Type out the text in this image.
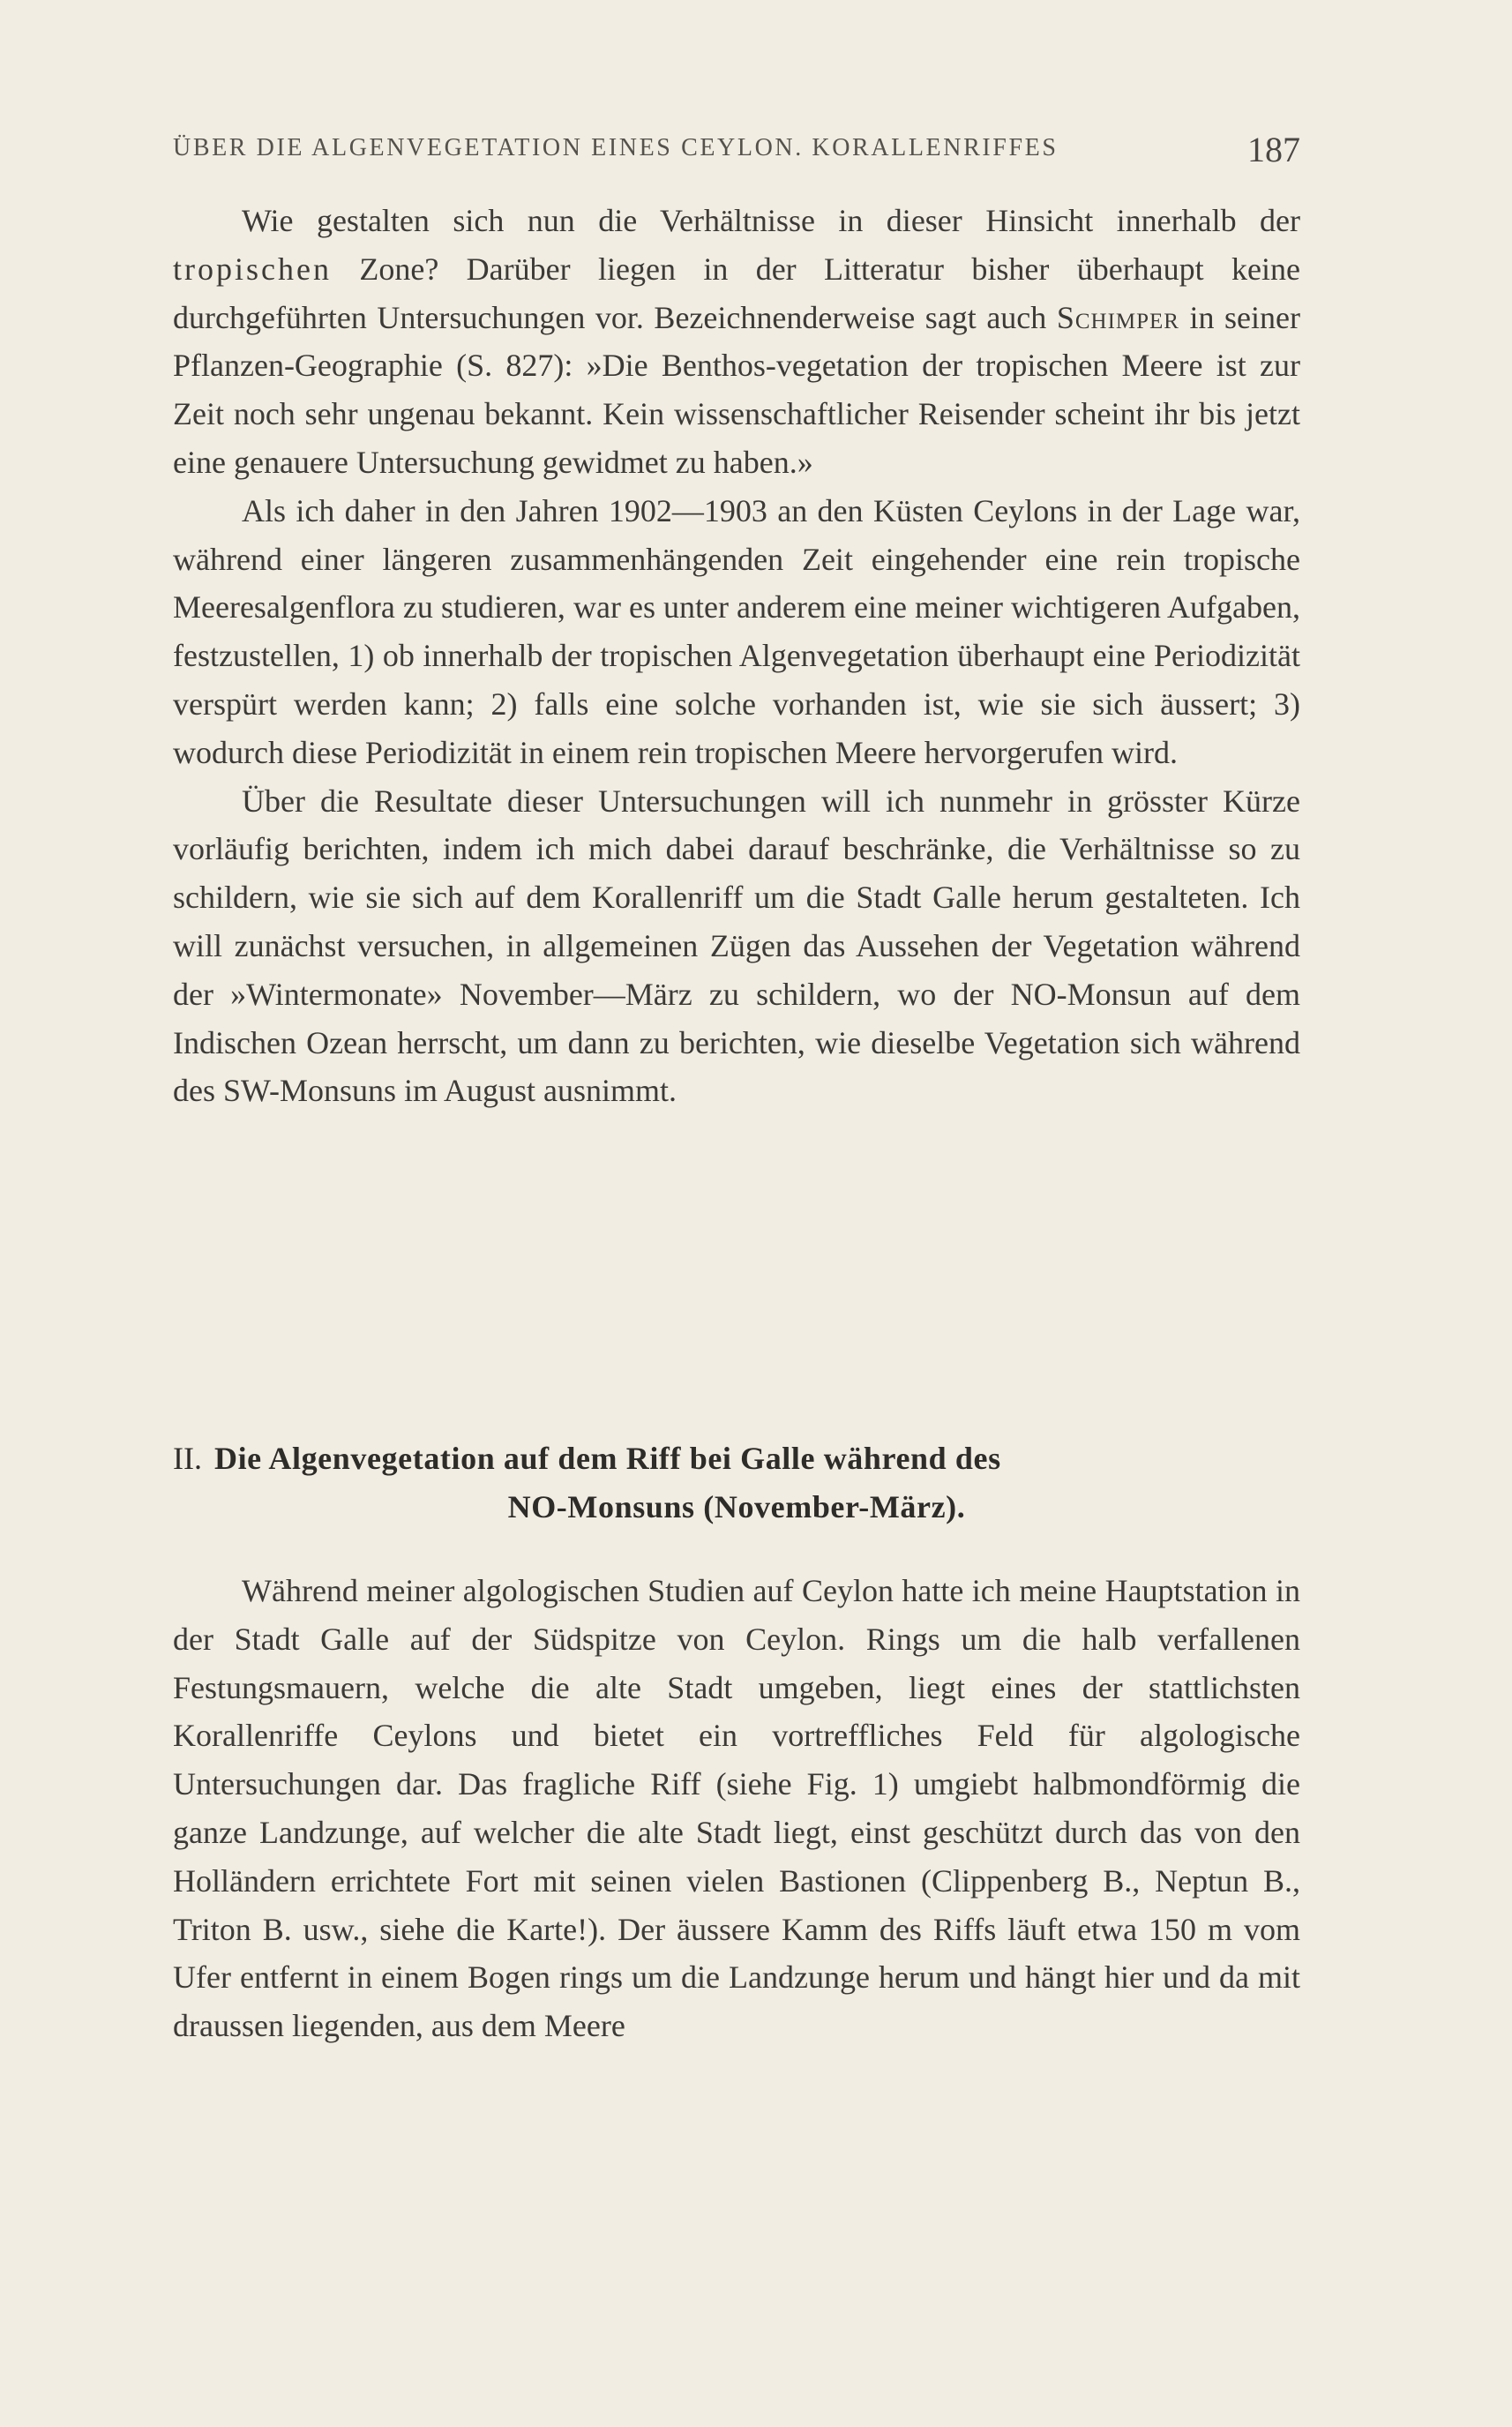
ÜBER DIE ALGENVEGETATION EINES CEYLON. KORALLENRIFFES	187

Wie gestalten sich nun die Verhältnisse in dieser Hinsicht innerhalb der tropischen Zone? Darüber liegen in der Litteratur bisher überhaupt keine durchgeführten Untersuchungen vor. Bezeichnenderweise sagt auch Schimper in seiner Pflanzen-Geographie (S. 827): »Die Benthos-vegetation der tropischen Meere ist zur Zeit noch sehr ungenau bekannt. Kein wissenschaftlicher Reisender scheint ihr bis jetzt eine genauere Untersuchung gewidmet zu haben.»

Als ich daher in den Jahren 1902—1903 an den Küsten Ceylons in der Lage war, während einer längeren zusammenhängenden Zeit eingehender eine rein tropische Meeresalgenflora zu studieren, war es unter anderem eine meiner wichtigeren Aufgaben, festzustellen, 1) ob innerhalb der tropischen Algenvegetation überhaupt eine Periodizität verspürt werden kann; 2) falls eine solche vorhanden ist, wie sie sich äussert; 3) wodurch diese Periodizität in einem rein tropischen Meere hervorgerufen wird.

Über die Resultate dieser Untersuchungen will ich nunmehr in grösster Kürze vorläufig berichten, indem ich mich dabei darauf beschränke, die Verhältnisse so zu schildern, wie sie sich auf dem Korallenriff um die Stadt Galle herum gestalteten. Ich will zunächst versuchen, in allgemeinen Zügen das Aussehen der Vegetation während der »Wintermonate» November—März zu schildern, wo der NO-Monsun auf dem Indischen Ozean herrscht, um dann zu berichten, wie dieselbe Vegetation sich während des SW-Monsuns im August ausnimmt.

II. Die Algenvegetation auf dem Riff bei Galle während des
NO-Monsuns (November-März).

Während meiner algologischen Studien auf Ceylon hatte ich meine Hauptstation in der Stadt Galle auf der Südspitze von Ceylon. Rings um die halb verfallenen Festungsmauern, welche die alte Stadt umgeben, liegt eines der stattlichsten Korallenriffe Ceylons und bietet ein vortreffliches Feld für algologische Untersuchungen dar. Das fragliche Riff (siehe Fig. 1) umgiebt halbmondförmig die ganze Landzunge, auf welcher die alte Stadt liegt, einst geschützt durch das von den Holländern errichtete Fort mit seinen vielen Bastionen (Clippenberg B., Neptun B., Triton B. usw., siehe die Karte!). Der äussere Kamm des Riffs läuft etwa 150 m vom Ufer entfernt in einem Bogen rings um die Landzunge herum und hängt hier und da mit draussen liegenden, aus dem Meere
